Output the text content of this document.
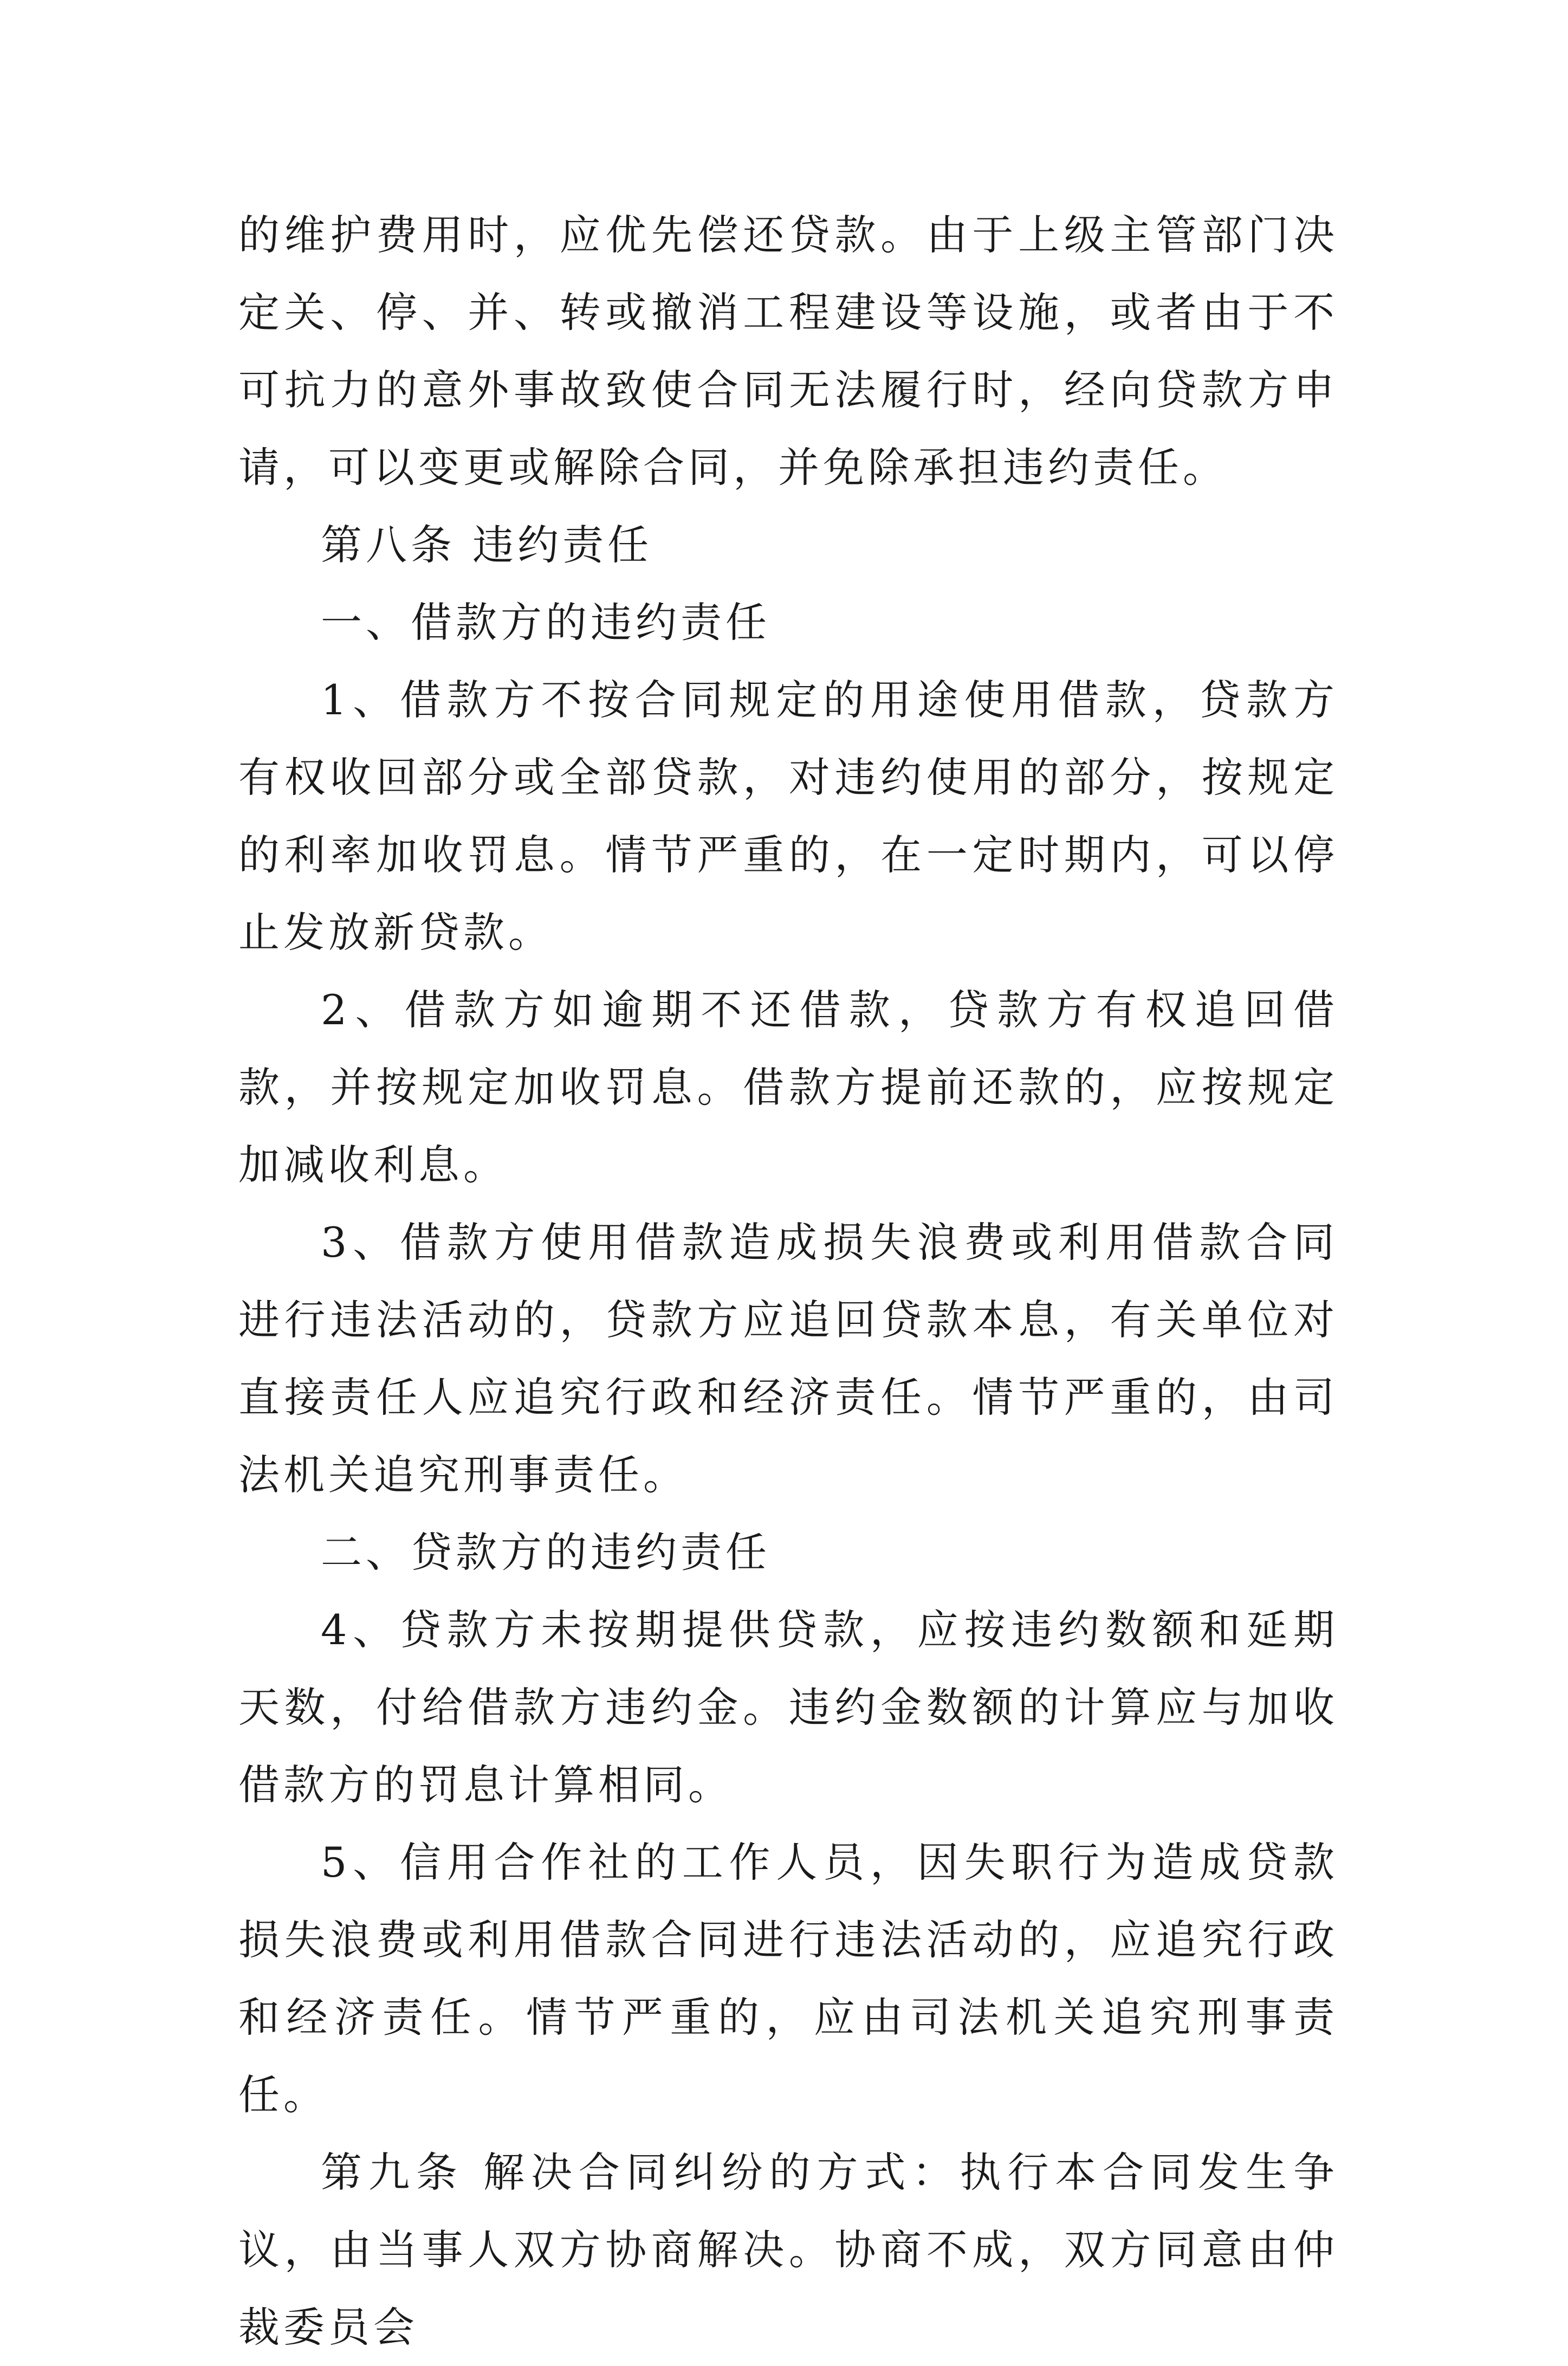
的维护费用时，应优先偿还贷款。由于上级主管部门决定关、停、并、转或撤消工程建设等设施，或者由于不可抗力的意外事故致使合同无法履行时，经向贷款方申请，可以变更或解除合同，并免除承担违约责任。

第八条 违约责任

一、借款方的违约责任

1、借款方不按合同规定的用途使用借款，贷款方有权收回部分或全部贷款，对违约使用的部分，按规定的利率加收罚息。情节严重的，在一定时期内，可以停止发放新贷款。

2、借款方如逾期不还借款，贷款方有权追回借款，并按规定加收罚息。借款方提前还款的，应按规定加减收利息。

3、借款方使用借款造成损失浪费或利用借款合同进行违法活动的，贷款方应追回贷款本息，有关单位对直接责任人应追究行政和经济责任。情节严重的，由司法机关追究刑事责任。

二、贷款方的违约责任

4、贷款方未按期提供贷款，应按违约数额和延期天数，付给借款方违约金。违约金数额的计算应与加收借款方的罚息计算相同。

5、信用合作社的工作人员，因失职行为造成贷款损失浪费或利用借款合同进行违法活动的，应追究行政和经济责任。情节严重的，应由司法机关追究刑事责任。

第九条 解决合同纠纷的方式：执行本合同发生争议，由当事人双方协商解决。协商不成，双方同意由仲裁委员会
